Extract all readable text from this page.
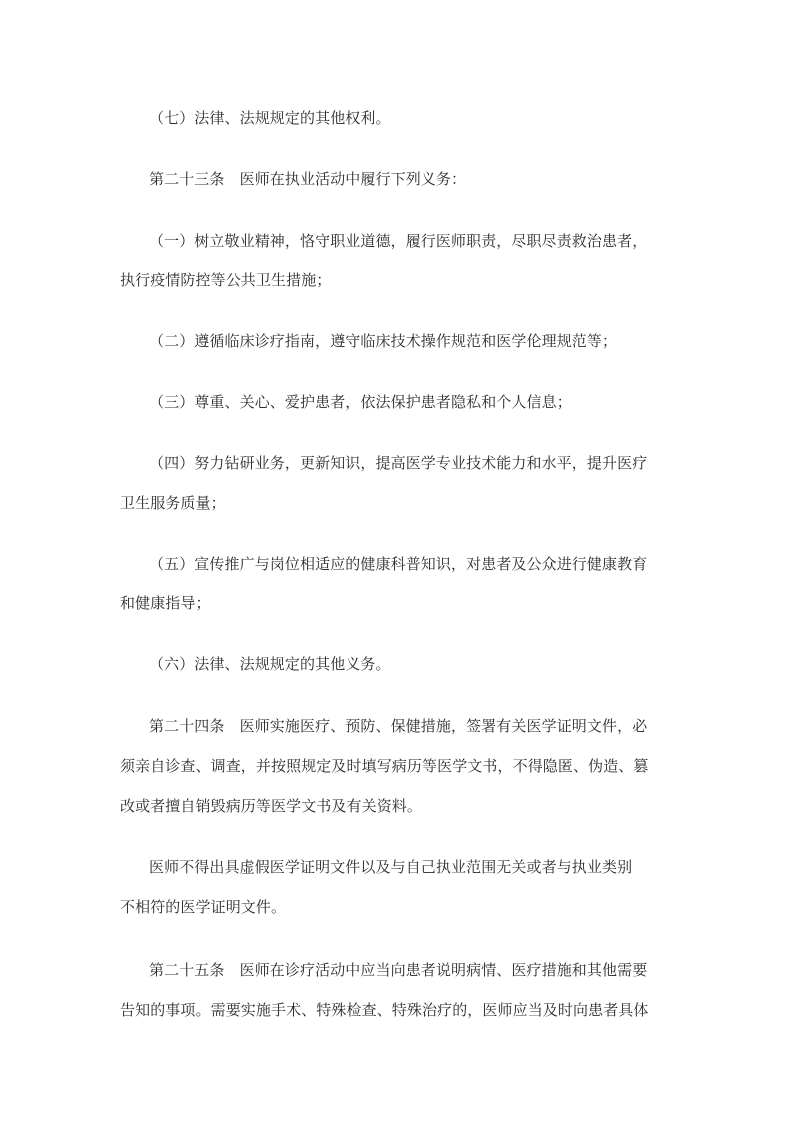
（七）法律、法规规定的其他权利。
第二十三条　医师在执业活动中履行下列义务：
（一）树立敬业精神，恪守职业道德，履行医师职责，尽职尽责救治患者，
执行疫情防控等公共卫生措施；
（二）遵循临床诊疗指南，遵守临床技术操作规范和医学伦理规范等；
（三）尊重、关心、爱护患者，依法保护患者隐私和个人信息；
（四）努力钻研业务，更新知识，提高医学专业技术能力和水平，提升医疗
卫生服务质量；
（五）宣传推广与岗位相适应的健康科普知识，对患者及公众进行健康教育
和健康指导；
（六）法律、法规规定的其他义务。
第二十四条　医师实施医疗、预防、保健措施，签署有关医学证明文件，必
须亲自诊查、调查，并按照规定及时填写病历等医学文书，不得隐匿、伪造、篡
改或者擅自销毁病历等医学文书及有关资料。
医师不得出具虚假医学证明文件以及与自己执业范围无关或者与执业类别
不相符的医学证明文件。
第二十五条　医师在诊疗活动中应当向患者说明病情、医疗措施和其他需要
告知的事项。需要实施手术、特殊检查、特殊治疗的，医师应当及时向患者具体
